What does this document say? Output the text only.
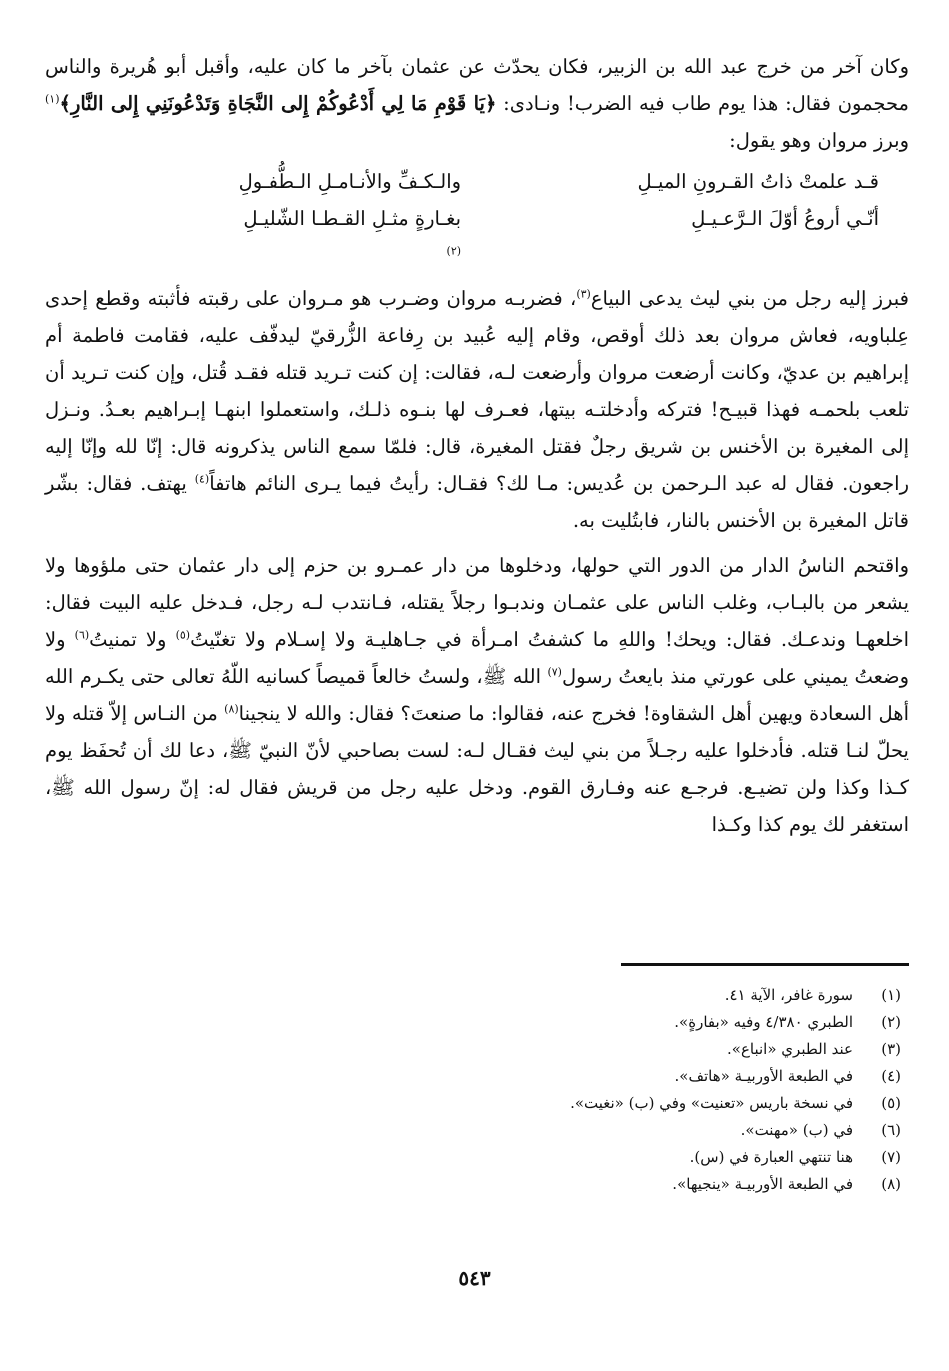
وكان آخر من خرج عبد الله بن الزبير، فكان يحدّث عن عثمان بآخر ما كان عليه، وأقبل أبو هُريرة والناس محجمون فقال: هذا يوم طاب فيه الضرب! ونـادى: ﴿يَا قَوْمِ مَا لِي أَدْعُوكُمْ إِلى النَّجَاةِ وَتَدْعُونَنِي إِلى النَّارِ﴾$^{(١)}$ وبرز مروان وهو يقول:

قـد علمتْ ذاتُ القـرونِ الميـلِ
والـكـفِّ والأنـامـلِ الـطُّفـولِ
أنّـي أروعُ أوّلَ الـرَّعـيـلِ
بغـارةٍ مثـلِ القـطـا الشّليـلِ
$^{(٢)}$

فبرز إليه رجل من بني ليث يدعى البياع$^{(٣)}$، فضربـه مروان وضـرب هو مـروان على رقبته فأثبته وقطع إحدى عِلباويه، فعاش مروان بعد ذلك أوقص، وقام إليه عُبيد بن رِفاعة الزُّرقيّ ليدفّف عليه، فقامت فاطمة أم إبراهيم بن عديّ، وكانت أرضعت مروان وأرضعت لـه، فقالت: إن كنت تـريد قتله فقـد قُتل، وإن كنت تـريد أن تلعب بلحمـه فهذا قبيـح! فتركه وأدخلتـه بيتها، فعـرف لها بنـوه ذلـك، واستعملوا ابنهـا إبـراهيم بعـدُ. ونـزل إلى المغيرة بن الأخنس بن شريق رجلٌ فقتل المغيرة، قال: فلمّا سمع الناس يذكرونه قال: إنّا لله وإنّا إليه راجعون. فقال له عبد الـرحمن بن عُديس: مـا لك؟ فقـال: رأيتُ فيما يـرى النائم هاتفاً$^{(٤)}$ يهتف. فقال: بشّر قاتل المغيرة بن الأخنس بالنار، فابتُليت به.

واقتحم الناسُ الدار من الدور التي حولها، ودخلوها من دار عمـرو بن حزم إلى دار عثمان حتى ملؤوها ولا يشعر من بالبـاب، وغلب الناس على عثمـان وندبـوا رجلاً يقتله، فـانتدب لـه رجل، فـدخل عليه البيت فقال: اخلعهـا وندعـك. فقال: ويحك! واللهِ ما كشفتُ امـرأة في جـاهليـة ولا إسـلام ولا تغنّيتُ$^{(٥)}$ ولا تمنيتُ$^{(٦)}$ ولا وضعتُ يميني على عورتي منذ بايعتُ رسول$^{(٧)}$ الله ﷺ، ولستُ خالعاً قميصاً كسانيه اللّهُ تعالى حتى يكـرم الله أهل السعادة ويهين أهل الشقاوة! فخرج عنه، فقالوا: ما صنعتَ؟ فقال: والله لا ينجينا$^{(٨)}$ من النـاس إلاّ قتله ولا يحلّ لنـا قتله. فأدخلوا عليه رجـلاً من بني ليث فقـال لـه: لست بصاحبي لأنّ النبيّ ﷺ، دعا لك أن تُحفَظ يوم كـذا وكذا ولن تضيـع. فرجـع عنه وفـارق القوم. ودخل عليه رجل من قريش فقال له: إنّ رسول الله ﷺ، استغفر لك يوم كذا وكـذا

(١)
سورة غافر، الآية ٤١.
(٢)
الطبري ٤/٣٨٠ وفيه «بفارةٍ».
(٣)
عند الطبري «انباع».
(٤)
في الطبعة الأوربيـة «هاتف».
(٥)
في نسخة باريس «تعنيت» وفي (ب) «نغيت».
(٦)
في (ب) «مهنت».
(٧)
هنا تنتهي العبارة في (س).
(٨)
في الطبعة الأوربيـة «ينجيها».
٥٤٣
